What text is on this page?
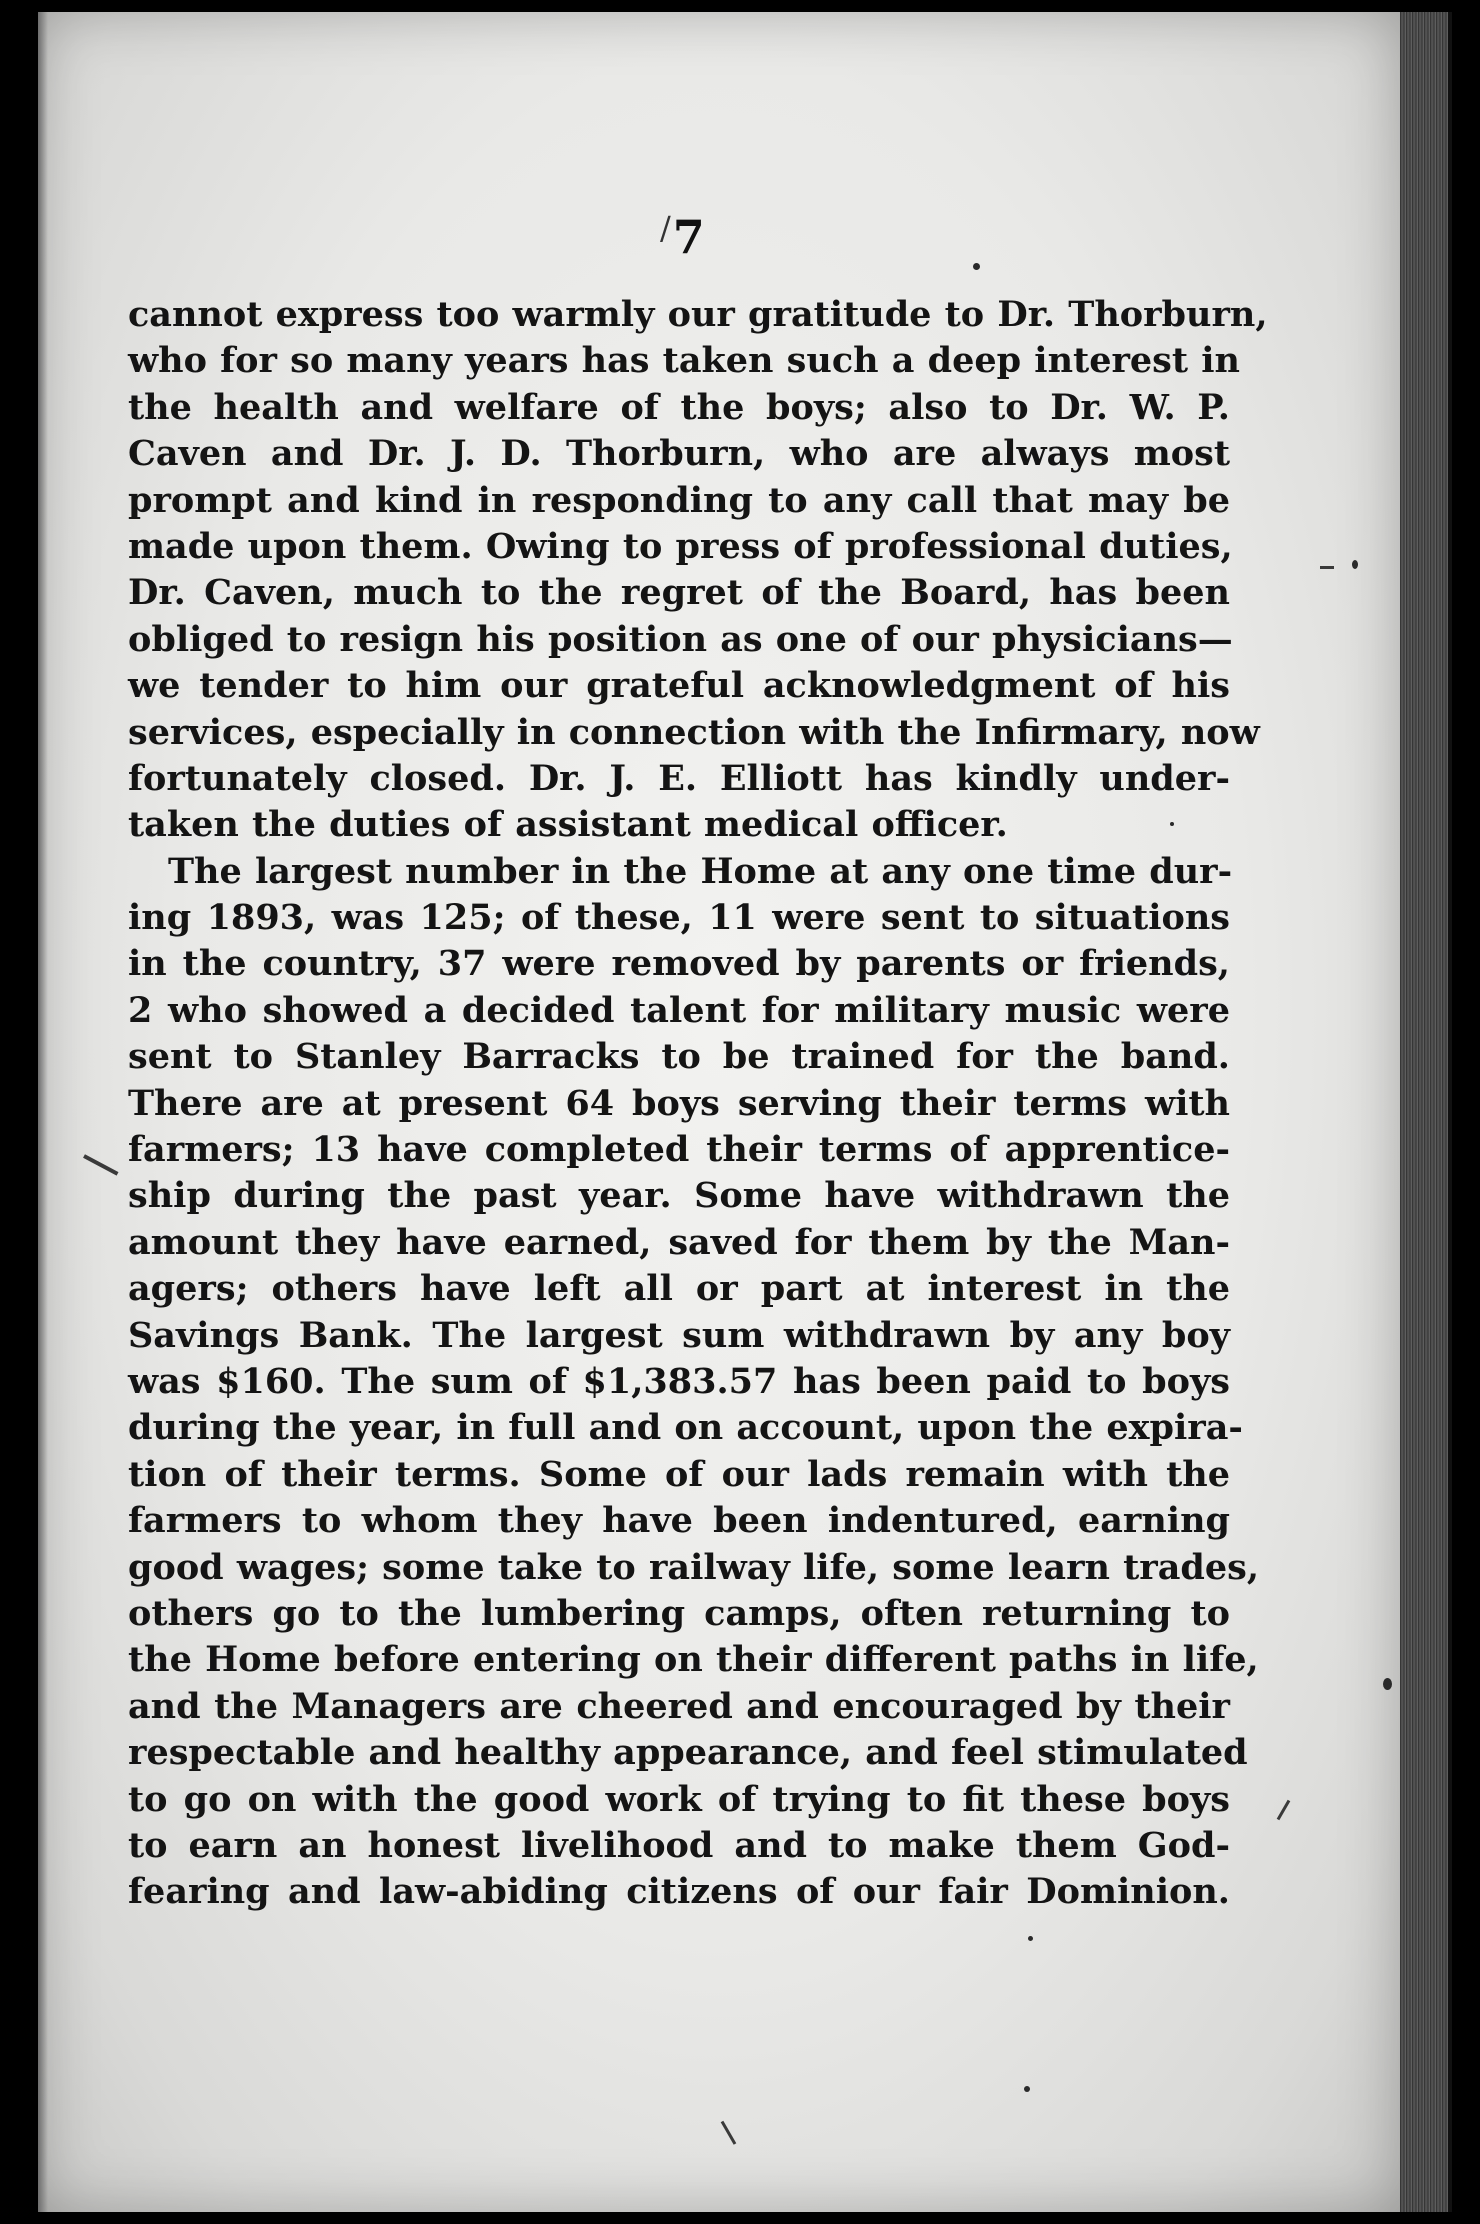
/7
cannot express too warmly our gratitude to Dr. Thorburn,
who for so many years has taken such a deep interest in
the health and welfare of the boys; also to Dr. W. P.
Caven and Dr. J. D. Thorburn, who are always most
prompt and kind in responding to any call that may be
made upon them. Owing to press of professional duties,
Dr. Caven, much to the regret of the Board, has been
obliged to resign his position as one of our physicians—
we tender to him our grateful acknowledgment of his
services, especially in connection with the Infirmary, now
fortunately closed. Dr. J. E. Elliott has kindly under-
taken the duties of assistant medical officer.
The largest number in the Home at any one time dur-
ing 1893, was 125; of these, 11 were sent to situations
in the country, 37 were removed by parents or friends,
2 who showed a decided talent for military music were
sent to Stanley Barracks to be trained for the band.
There are at present 64 boys serving their terms with
farmers; 13 have completed their terms of apprentice-
ship during the past year. Some have withdrawn the
amount they have earned, saved for them by the Man-
agers; others have left all or part at interest in the
Savings Bank. The largest sum withdrawn by any boy
was $160. The sum of $1,383.57 has been paid to boys
during the year, in full and on account, upon the expira-
tion of their terms. Some of our lads remain with the
farmers to whom they have been indentured, earning
good wages; some take to railway life, some learn trades,
others go to the lumbering camps, often returning to
the Home before entering on their different paths in life,
and the Managers are cheered and encouraged by their
respectable and healthy appearance, and feel stimulated
to go on with the good work of trying to fit these boys
to earn an honest livelihood and to make them God-
fearing and law-abiding citizens of our fair Dominion.
